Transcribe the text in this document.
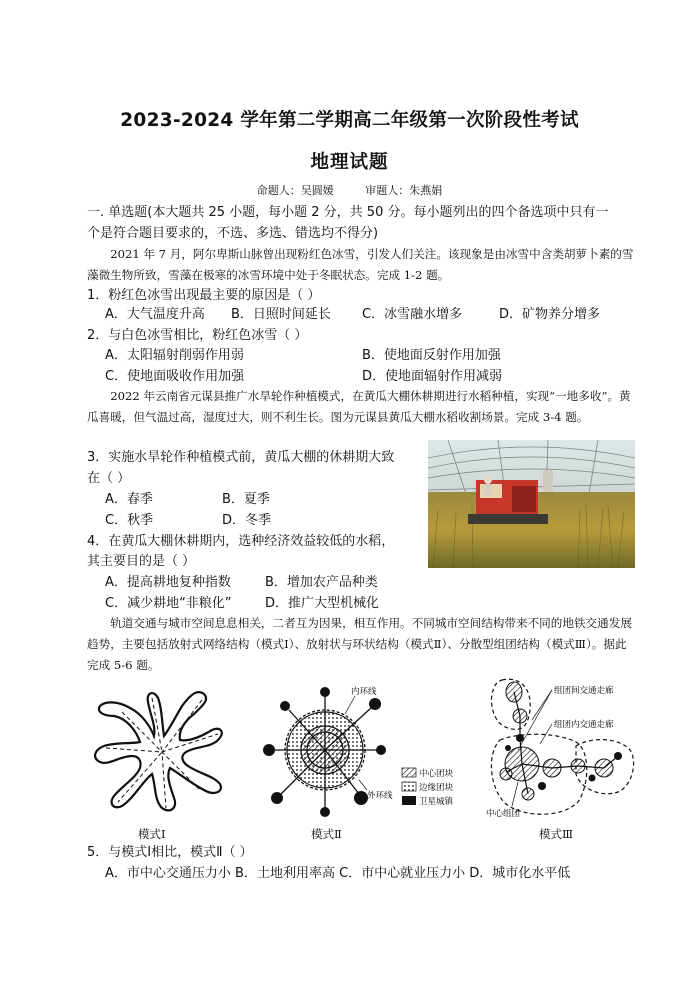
2023-2024 学年第二学期高二年级第一次阶段性考试
地理试题
命题人：吴圆媛	审题人：朱燕娟
一. 单选题(本大题共 25 小题，每小题 2 分，共 50 分。每小题列出的四个备选项中只有一
个是符合题目要求的，不选、多选、错选均不得分)
2021 年 7 月，阿尔卑斯山脉曾出现粉红色冰雪，引发人们关注。该现象是由冰雪中含类胡萝卜素的雪藻微生物所致，雪藻在极寒的冰雪环境中处于冬眠状态。完成 1-2 题。
1．粉红色冰雪出现最主要的原因是（ ）
A．大气温度升高 B．日照时间延长 C．冰雪融水增多	D．矿物养分增多
2．与白色冰雪相比，粉红色冰雪（ ）
A．太阳辐射削弱作用弱	B．使地面反射作用加强
C．使地面吸收作用加强	D．使地面辐射作用减弱
2022 年云南省元谋县推广水旱轮作种植模式，在黄瓜大棚休耕期进行水稻种植，实现“一地多收”。黄瓜喜暖，但气温过高，湿度过大，则不利生长。图为元谋县黄瓜大棚水稻收割场景。完成 3-4 题。
3．实施水旱轮作种植模式前，黄瓜大棚的休耕期大致
在（ ）
A．春季	B．夏季
C．秋季	D．冬季
4．在黄瓜大棚休耕期内，选种经济效益较低的水稻，
其主要目的是（ ）
A．提高耕地复种指数	B．增加农产品种类
C．减少耕地“非粮化”	D．推广大型机械化
轨道交通与城市空间息息相关，二者互为因果，相互作用。不同城市空间结构带来不同的地铁交通发展趋势，主要包括放射式网络结构（模式Ⅰ）、放射状与环状结构（模式Ⅱ）、分散型组团结构（模式Ⅲ）。据此完成 5-6 题。
模式Ⅰ
内环线
外环线
中心团块
边缘团块
卫星城镇
模式Ⅱ
组团间交通走廊
组团内交通走廊
中心组团
模式Ⅲ
5．与模式Ⅰ相比，模式Ⅱ（ ）
A．市中心交通压力小 B．土地利用率高 C．市中心就业压力小 D．城市化水平低
